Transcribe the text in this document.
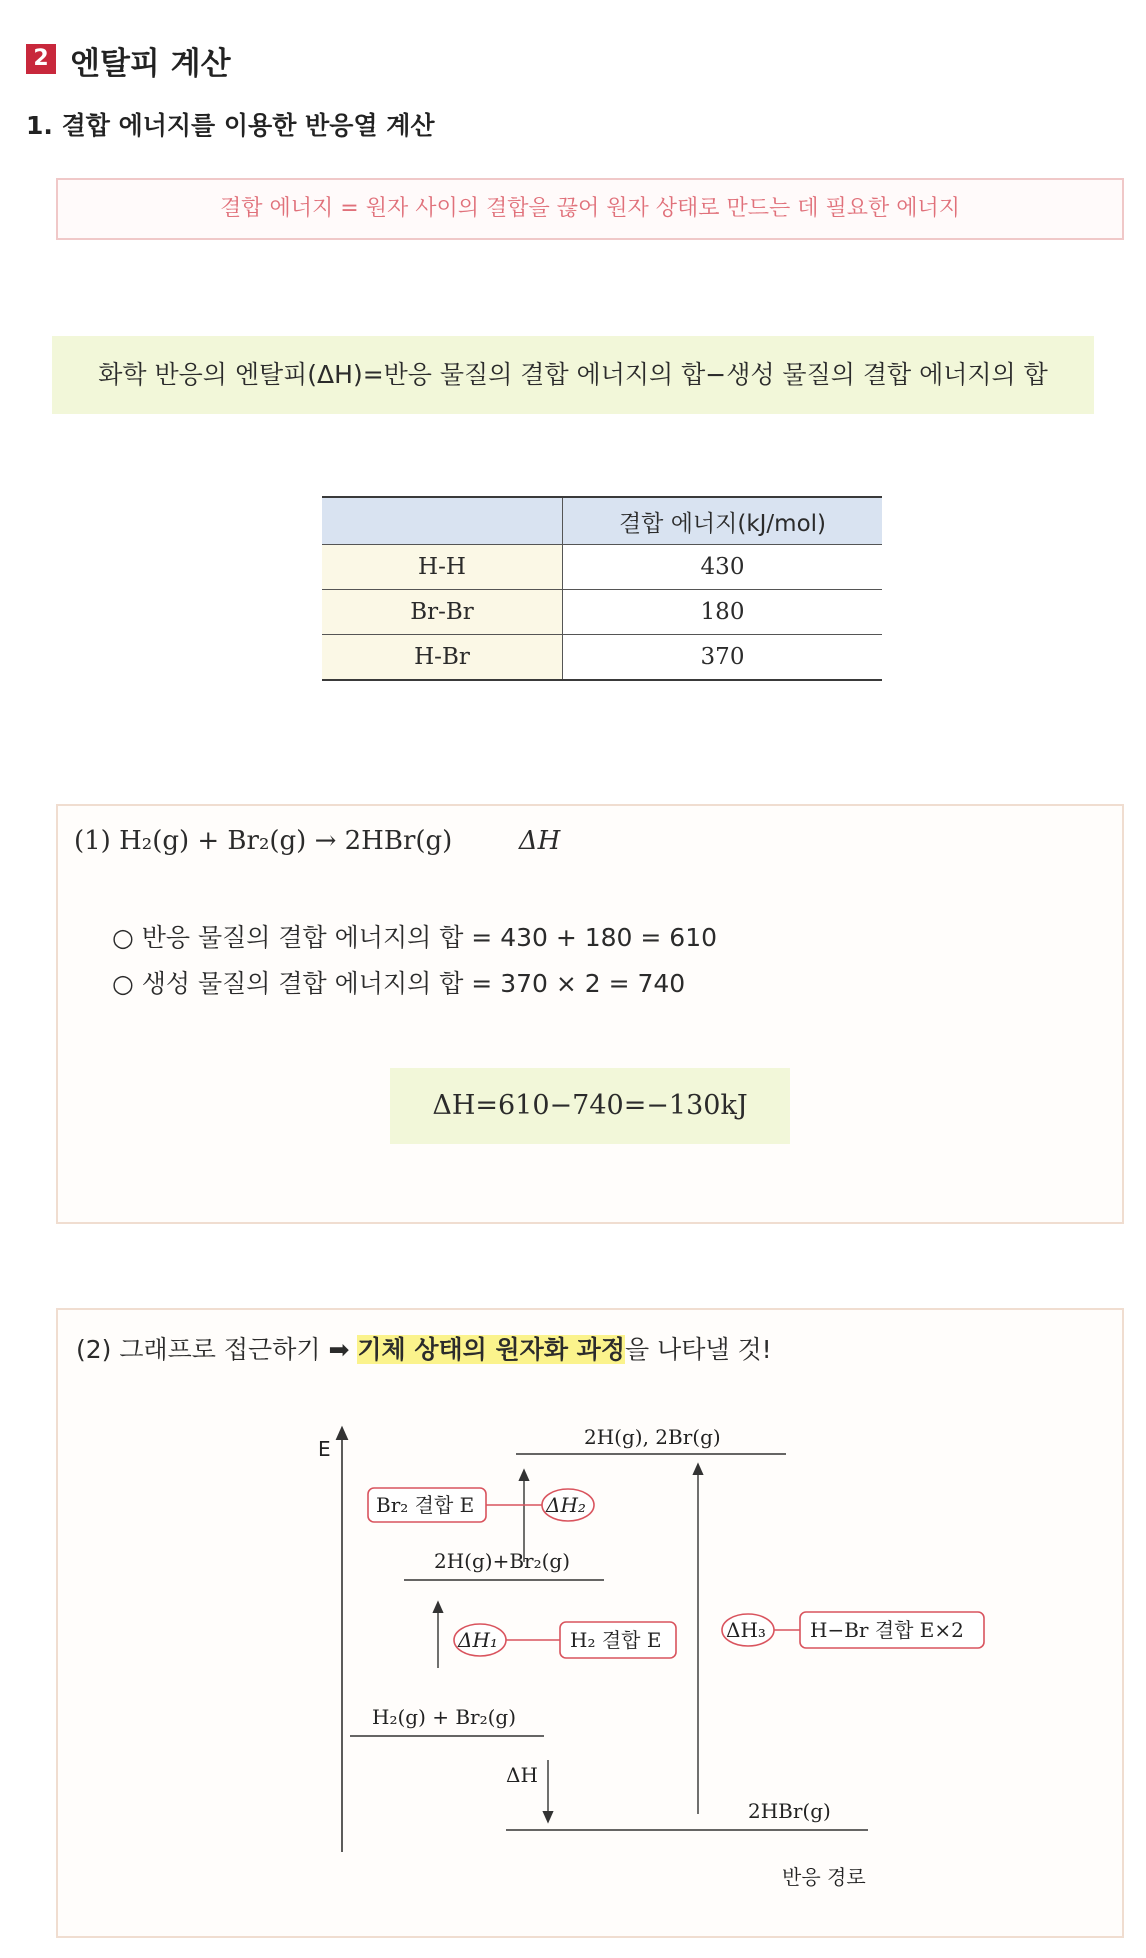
2 엔탈피 계산
1. 결합 에너지를 이용한 반응열 계산
결합 에너지 = 원자 사이의 결합을 끊어 원자 상태로 만드는 데 필요한 에너지
화학 반응의 엔탈피(ΔH)=반응 물질의 결합 에너지의 합−생성 물질의 결합 에너지의 합
	결합 에너지(kJ/mol)
H-H	430
Br-Br	180
H-Br	370
(1) H₂(g) + Br₂(g) → 2HBr(g)	ΔH
○ 반응 물질의 결합 에너지의 합 = 430 + 180 = 610
○ 생성 물질의 결합 에너지의 합 = 370 × 2 = 740
ΔH=610−740=−130kJ
(2) 그래프로 접근하기 ➡ 기체 상태의 원자화 과정을 나타낼 것!
E	2H(g), 2Br(g)
2H(g)+Br₂(g)
H₂(g) + Br₂(g)
2HBr(g)
반응 경로
ΔH
Br₂ 결합 E	ΔH₂
ΔH₁	H₂ 결합 E	ΔH₃ H−Br 결합 E×2
